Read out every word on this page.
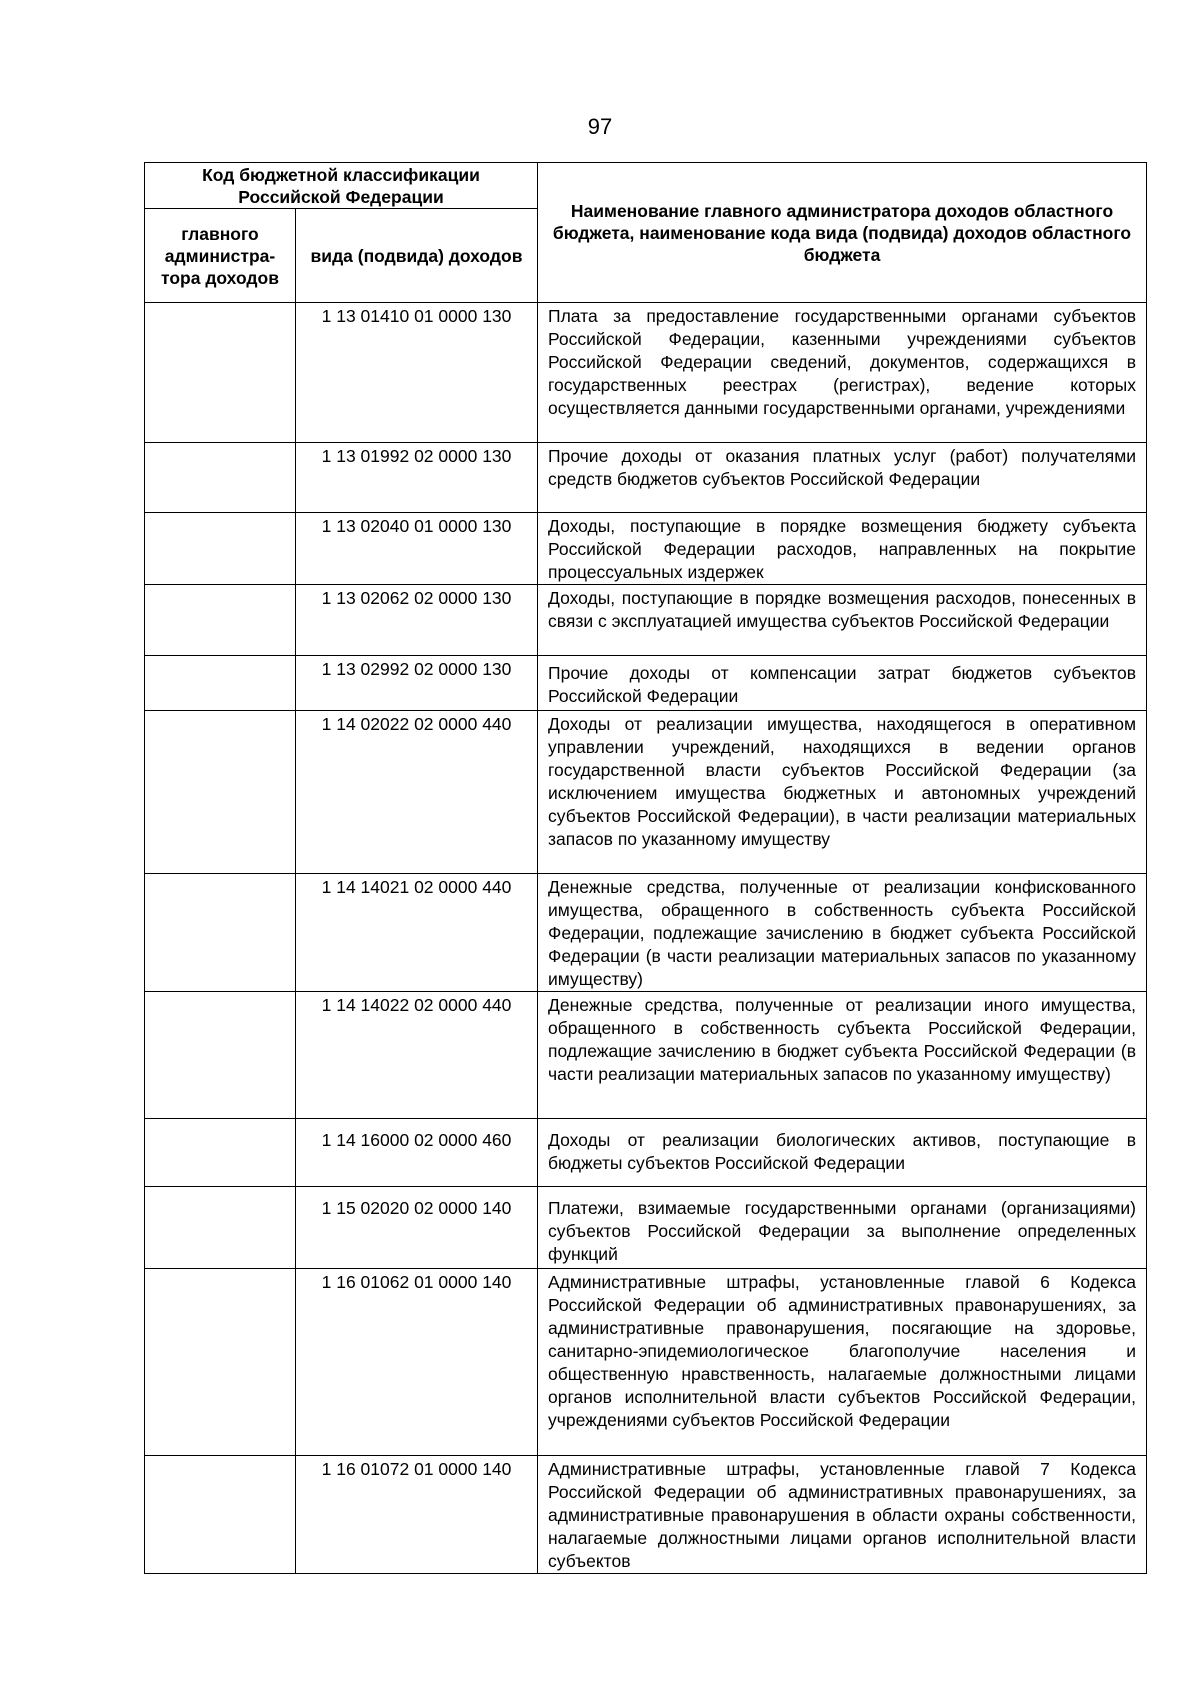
97
Код бюджетной классификации Российской Федерации		Наименование главного администратора доходов областного бюджета, наименование кода вида (подвида) доходов областного бюджета
главного администра-тора доходов	вида (подвида) доходов	
	1 13 01410 01 0000 130	Плата за предоставление государственными органами субъектов Российской Федерации, казенными учреждениями субъектов Российской Федерации сведений, документов, содержащихся в государственных реестрах (регистрах), ведение которых осуществляется данными государственными органами, учреждениями
	1 13 01992 02 0000 130	Прочие доходы от оказания платных услуг (работ) получателями средств бюджетов субъектов Российской Федерации
	1 13 02040 01 0000 130	Доходы, поступающие в порядке возмещения бюджету субъекта Российской Федерации расходов, направленных на покрытие процессуальных издержек
	1 13 02062 02 0000 130	Доходы, поступающие в порядке возмещения расходов, понесенных в связи с эксплуатацией имущества субъектов Российской Федерации
	1 13 02992 02 0000 130	Прочие доходы от компенсации затрат бюджетов субъектов Российской Федерации
	1 14 02022 02 0000 440	Доходы от реализации имущества, находящегося в оперативном управлении учреждений, находящихся в ведении органов государственной власти субъектов Российской Федерации (за исключением имущества бюджетных и автономных учреждений субъектов Российской Федерации), в части реализации материальных запасов по указанному имуществу
	1 14 14021 02 0000 440	Денежные средства, полученные от реализации конфискованного имущества, обращенного в собственность субъекта Российской Федерации, подлежащие зачислению в бюджет субъекта Российской Федерации (в части реализации материальных запасов по указанному имуществу)
	1 14 14022 02 0000 440	Денежные средства, полученные от реализации иного имущества, обращенного в собственность субъекта Российской Федерации, подлежащие зачислению в бюджет субъекта Российской Федерации (в части реализации материальных запасов по указанному имуществу)
	1 14 16000 02 0000 460	Доходы от реализации биологических активов, поступающие в бюджеты субъектов Российской Федерации
	1 15 02020 02 0000 140	Платежи, взимаемые государственными органами (организациями) субъектов Российской Федерации за выполнение определенных функций
	1 16 01062 01 0000 140	Административные штрафы, установленные главой 6 Кодекса Российской Федерации об административных правонарушениях, за административные правонарушения, посягающие на здоровье, санитарно-эпидемиологическое благополучие населения и общественную нравственность, налагаемые должностными лицами органов исполнительной власти субъектов Российской Федерации, учреждениями субъектов Российской Федерации
	1 16 01072 01 0000 140	Административные штрафы, установленные главой 7 Кодекса Российской Федерации об административных правонарушениях, за административные правонарушения в области охраны собственности, налагаемые должностными лицами органов исполнительной власти субъектов
